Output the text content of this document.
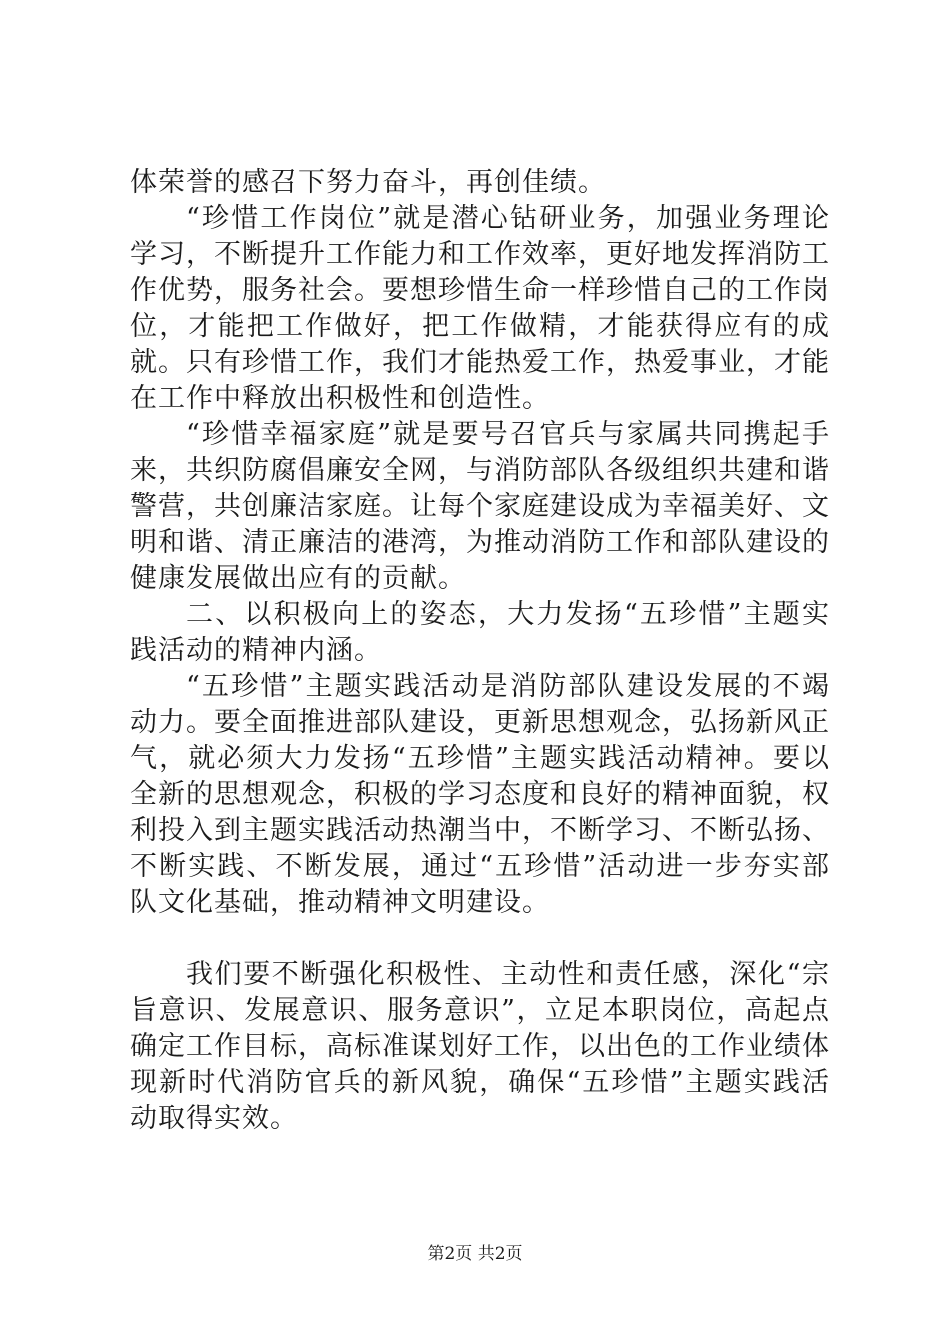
体荣誉的感召下努力奋斗，再创佳绩。

“珍惜工作岗位”就是潜心钻研业务，加强业务理论学习，不断提升工作能力和工作效率，更好地发挥消防工作优势，服务社会。要想珍惜生命一样珍惜自己的工作岗位，才能把工作做好，把工作做精，才能获得应有的成就。只有珍惜工作，我们才能热爱工作，热爱事业，才能在工作中释放出积极性和创造性。

“珍惜幸福家庭”就是要号召官兵与家属共同携起手来，共织防腐倡廉安全网，与消防部队各级组织共建和谐警营，共创廉洁家庭。让每个家庭建设成为幸福美好、文明和谐、清正廉洁的港湾，为推动消防工作和部队建设的健康发展做出应有的贡献。

二、以积极向上的姿态，大力发扬“五珍惜”主题实践活动的精神内涵。

“五珍惜”主题实践活动是消防部队建设发展的不竭动力。要全面推进部队建设，更新思想观念，弘扬新风正气，就必须大力发扬“五珍惜”主题实践活动精神。要以全新的思想观念，积极的学习态度和良好的精神面貌，权利投入到主题实践活动热潮当中，不断学习、不断弘扬、不断实践、不断发展，通过“五珍惜”活动进一步夯实部队文化基础，推动精神文明建设。

我们要不断强化积极性、主动性和责任感，深化“宗旨意识、发展意识、服务意识”，立足本职岗位，高起点确定工作目标，高标准谋划好工作，以出色的工作业绩体现新时代消防官兵的新风貌，确保“五珍惜”主题实践活动取得实效。

第2页 共2页
